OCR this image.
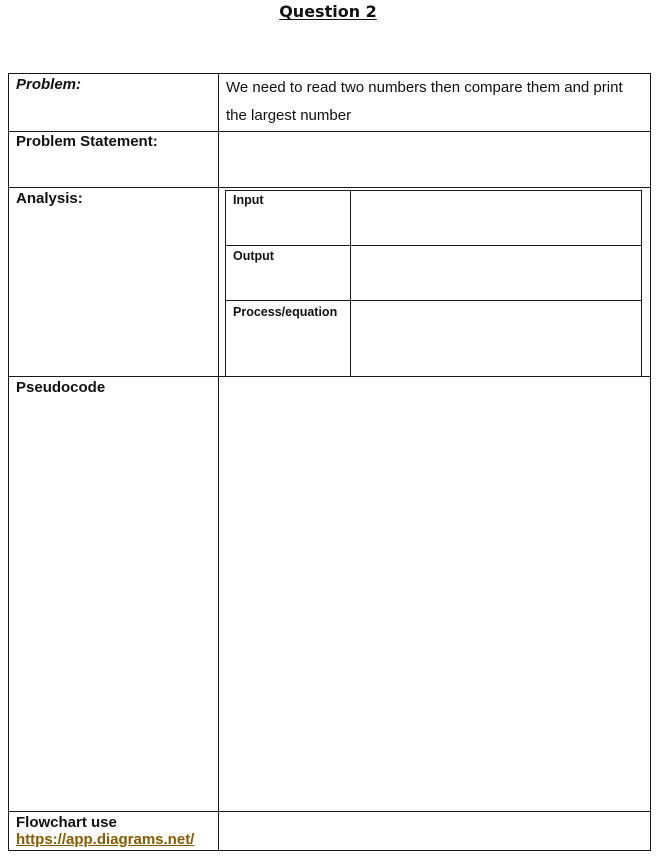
Question 2
Problem:	We need to read two numbers then compare them and print the largest number
Problem Statement:
Analysis:	Input
Output
Process/equation
Pseudocode
Flowchart use
https://app.diagrams.net/
